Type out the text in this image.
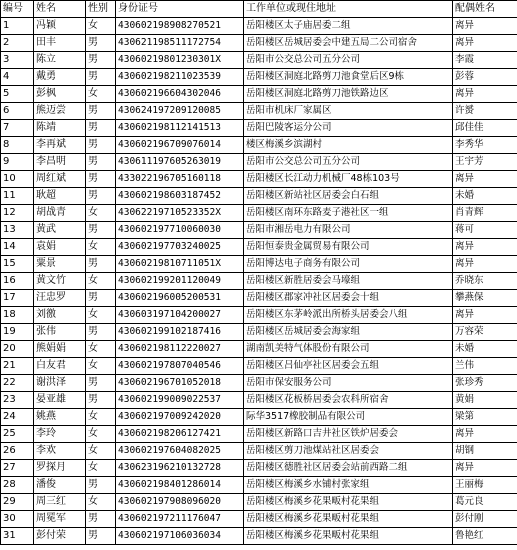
编号	姓名	性别	身份证号	工作单位或现住地址	配偶姓名
1	冯颖	女	430602198908270521	岳阳楼区太子庙居委二组	离异
2	田丰	男	430621198511172754	岳阳楼区岳城居委会中建五局二公司宿舍	离异
3	陈立	男	43060219801230301X	岳阳市公交总公司五分公司	李霞
4	戴勇	男	430602198211023539	岳阳楼区洞庭北路剪刀池食堂后区9栋	彭蓉
5	彭枫	女	430602196604302046	岳阳楼区洞庭北路剪刀池铁路边区	离异
6	熊迈尝	男	430624197209120085	岳阳市机床厂家属区	许赟
7	陈靖	男	430602198112141513	岳阳巴陵客运分公司	邱佳佳
8	李再斌	男	430602196709076014	楼区梅溪乡滨湖村	李秀华
9	李昌明	男	430611197605263019	岳阳市公交总公司五分公司	王宇芳
10	周红斌	男	433022196705160118	岳阳楼区长江动力机械厂48栋103号	离异
11	耿超	男	430602198603187452	岳阳楼区新站社区居委会白石组	未婚
12	胡战青	女	43062219710523352X	岳阳楼区南环东路麦子港社区一组	肖青辉
13	黄武	男	430602197710060030	岳阳市湘岳电力有限公司	蒋可
14	袁娟	女	430602197703240025	岳阳恒泰贵金属贸易有限公司	离异
15	粟景	男	43060219810711051X	岳阳博达电子商务有限公司	离异
16	黄文竹	女	430602199201120049	岳阳楼区新胜居委会马壕组	乔晓东
17	汪忠罗	男	430602196005200531	岳阳楼区郡家冲社区居委会十组	攀燕保
18	刘徼	女	430603197104200027	岳阳楼区东茅岭派出所桥头居委会八组	离异
19	张伟	男	430602199102187416	岳阳楼区岳城居委会海家组	万容荣
20	熊娟娟	女	430602198112220027	湖南凯美特气体股份有限公司	未婚
21	白友君	女	430602197807040546	岳阳楼区吕仙亭社区居委会五组	兰伟
22	谢洪泽	男	430602196701052018	岳阳市保安服务公司	张珍秀
23	晏亚雄	男	430602199009022537	岳阳楼区花板桥居委会农科所宿舍	黄娟
24	姚燕	女	430602197009242020	际华3517橡胶制品有限公司	梁第
25	李玲	女	430602198206127421	岳阳楼区新路口吉井社区铁炉居委会	离异
26	李欢	女	430602197604082025	岳阳楼区剪刀池煤站社区居委会	胡钢
27	罗探月	女	430623196210132728	岳阳楼区德胜社区居委会站前西路二组	离异
28	潘俊	男	430602198401286014	岳阳楼区梅溪乡水铺村张家组	王丽梅
29	周三红	女	430602197908096020	岳阳楼区梅溪乡花果畈村花果组	葛元良
30	周冕军	男	430602197211176047	岳阳楼区梅溪乡花果畈村花果组	彭付刚
31	彭付荣	男	430602197106036034	岳阳楼区梅溪乡花果畈村花果组	鲁艳红
